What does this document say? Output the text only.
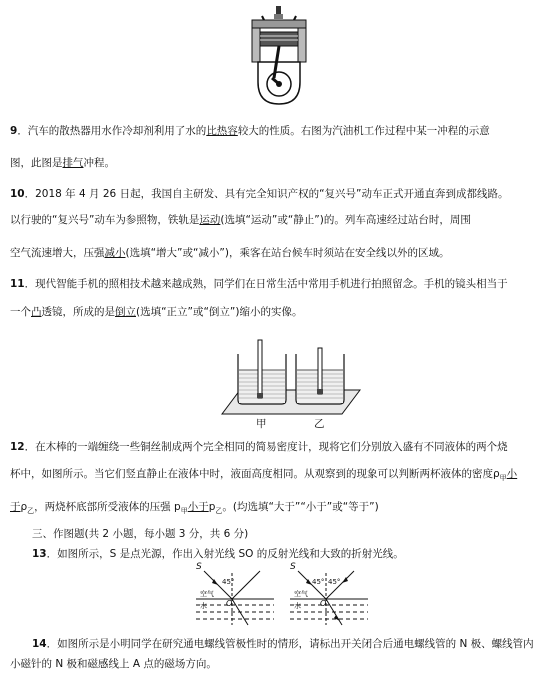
9．汽车的散热器用水作冷却剂利用了水的比热容较大的性质。右图为汽油机工作过程中某一冲程的示意
图，此图是排气冲程。
10．2018 年 4 月 26 日起，我国自主研发、具有完全知识产权的“复兴号”动车正式开通直奔到成都线路。
以行驶的“复兴号”动车为参照物，铁轨是运动(选填“运动”或“静止”)的。列车高速经过站台时，周围
空气流速增大，压强减小(选填“增大”或“减小”)，乘客在站台候车时须站在安全线以外的区域。
11．现代智能手机的照相技术越来越成熟，同学们在日常生活中常用手机进行拍照留念。手机的镜头相当于
一个凸透镜，所成的是倒立(选填“正立”或“倒立”)缩小的实像。
甲	乙
12．在木棒的一端缠绕一些铜丝制成两个完全相同的简易密度计，现将它们分别放入盛有不同液体的两个烧
杯中，如图所示。当它们竖直静止在液体中时，液面高度相同。从观察到的现象可以判断两杯液体的密度$\rho_甲$小
于$\rho_乙$，两烧杯底部所受液体的压强 $p_甲$小于$p_乙$。(均选填“大于”“小于”或“等于”)
三、作图题(共 2 小题，每小题 3 分，共 6 分)
13．如图所示，S 是点光源，作出入射光线 SO 的反射光线和大致的折射光线。
S
45°
空气
水 O
S
45° 45°
空气
水 O
14．如图所示是小明同学在研究通电螺线管极性时的情形，请标出开关闭合后通电螺线管的 N 极、螺线管内
小磁针的 N 极和磁感线上 A 点的磁场方向。
